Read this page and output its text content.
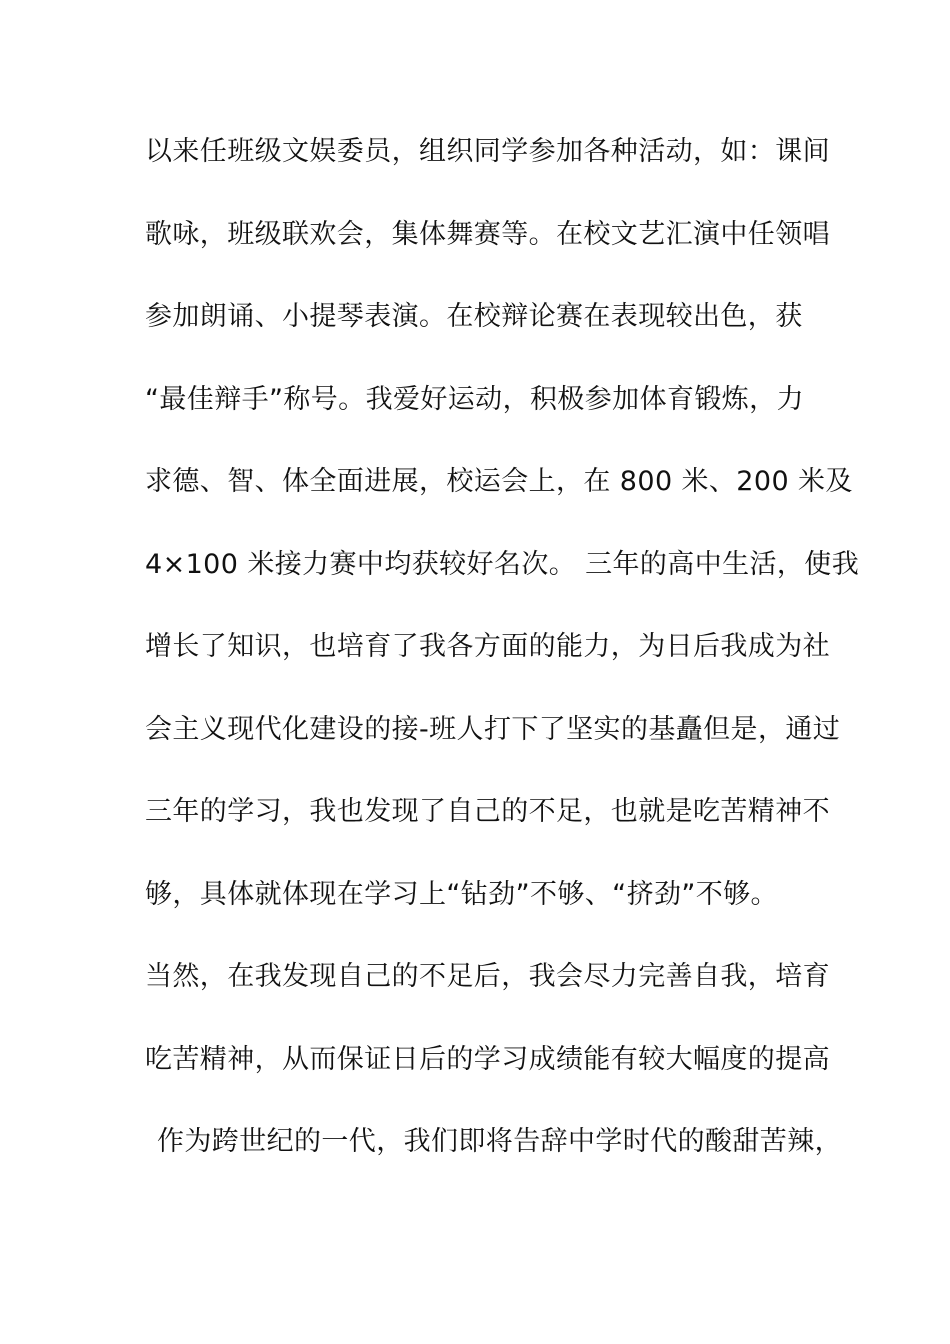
以来任班级文娱委员，组织同学参加各种活动，如：课间
歌咏，班级联欢会，集体舞赛等。在校文艺汇演中任领唱
参加朗诵、小提琴表演。在校辩论赛在表现较出色，获
“最佳辩手”称号。我爱好运动，积极参加体育锻炼，力
求德、智、体全面进展，校运会上，在 800 米、200 米及
4×100 米接力赛中均获较好名次。 三年的高中生活，使我
增长了知识，也培育了我各方面的能力，为日后我成为社
会主义现代化建设的接-班人打下了坚实的基矗但是，通过
三年的学习，我也发现了自己的不足，也就是吃苦精神不
够，具体就体现在学习上“钻劲”不够、“挤劲”不够。
当然，在我发现自己的不足后，我会尽力完善自我，培育
吃苦精神，从而保证日后的学习成绩能有较大幅度的提高
作为跨世纪的一代，我们即将告辞中学时代的酸甜苦辣，
